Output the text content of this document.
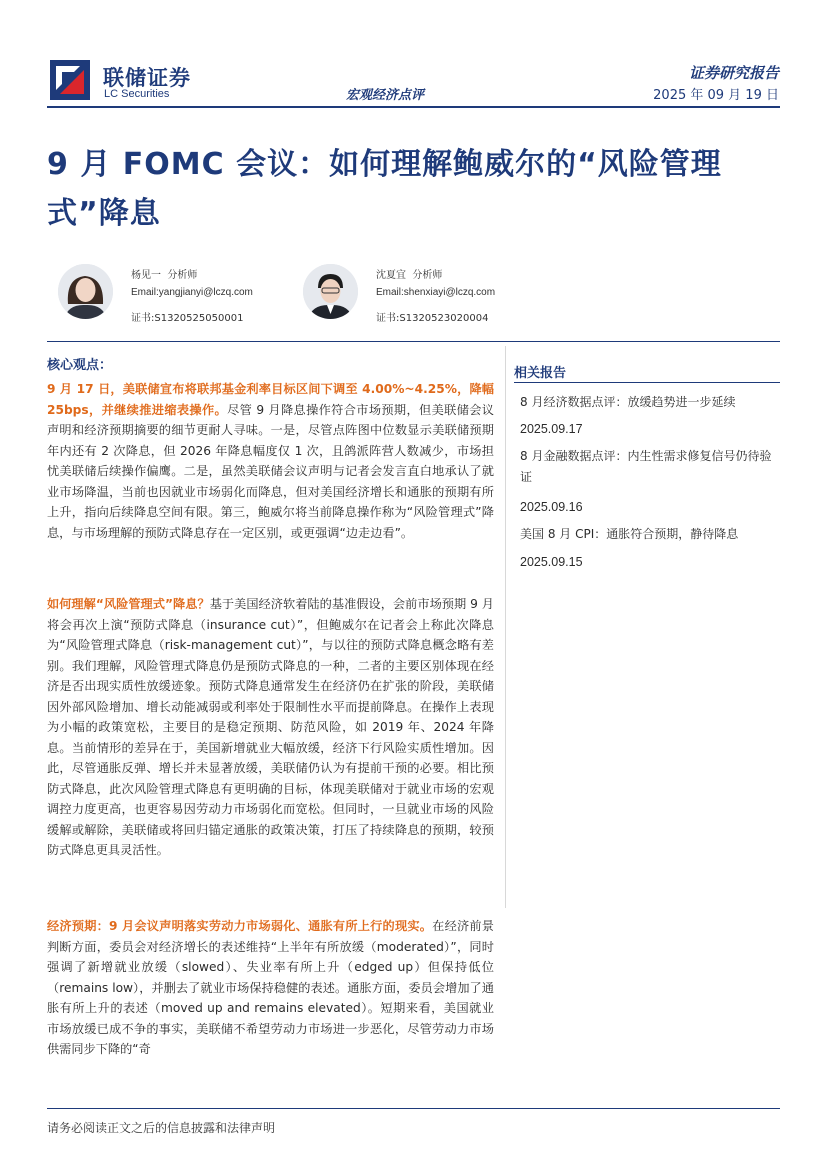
联储证券
LC Securities	宏观经济点评
证券研究报告
2025 年 09 月 19 日
9 月 FOMC 会议：如何理解鲍威尔的“风险管理式”降息
杨见一 分析师
Email:yangjianyi@lczq.com
证书:S1320525050001
沈夏宜 分析师
Email:shenxiayi@lczq.com
证书:S1320523020004
核心观点：
9 月 17 日，美联储宣布将联邦基金利率目标区间下调至 4.00%~4.25%，降幅 25bps，并继续推进缩表操作。尽管 9 月降息操作符合市场预期，但美联储会议声明和经济预期摘要的细节更耐人寻味。一是，尽管点阵图中位数显示美联储预期年内还有 2 次降息，但 2026 年降息幅度仅 1 次，且鸽派阵营人数减少，市场担忧美联储后续操作偏鹰。二是，虽然美联储会议声明与记者会发言直白地承认了就业市场降温，当前也因就业市场弱化而降息，但对美国经济增长和通胀的预期有所上升，指向后续降息空间有限。第三，鲍威尔将当前降息操作称为“风险管理式”降息，与市场理解的预防式降息存在一定区别，或更强调“边走边看”。
如何理解“风险管理式”降息？基于美国经济软着陆的基准假设，会前市场预期 9 月将会再次上演“预防式降息（insurance cut）”，但鲍威尔在记者会上称此次降息为“风险管理式降息（risk-management cut）”，与以往的预防式降息概念略有差别。我们理解，风险管理式降息仍是预防式降息的一种，二者的主要区别体现在经济是否出现实质性放缓迹象。预防式降息通常发生在经济仍在扩张的阶段，美联储因外部风险增加、增长动能减弱或利率处于限制性水平而提前降息。在操作上表现为小幅的政策宽松，主要目的是稳定预期、防范风险，如 2019 年、2024 年降息。当前情形的差异在于，美国新增就业大幅放缓，经济下行风险实质性增加。因此，尽管通胀反弹、增长并未显著放缓，美联储仍认为有提前干预的必要。相比预防式降息，此次风险管理式降息有更明确的目标，体现美联储对于就业市场的宏观调控力度更高，也更容易因劳动力市场弱化而宽松。但同时，一旦就业市场的风险缓解或解除，美联储或将回归锚定通胀的政策决策，打压了持续降息的预期，较预防式降息更具灵活性。
经济预期：9 月会议声明落实劳动力市场弱化、通胀有所上行的现实。在经济前景判断方面，委员会对经济增长的表述维持“上半年有所放缓（moderated）”，同时强调了新增就业放缓（slowed）、失业率有所上升（edged up）但保持低位（remains low），并删去了就业市场保持稳健的表述。通胀方面，委员会增加了通胀有所上升的表述（moved up and remains elevated）。短期来看，美国就业市场放缓已成不争的事实，美联储不希望劳动力市场进一步恶化，尽管劳动力市场供需同步下降的“奇
相关报告
8 月经济数据点评：放缓趋势进一步延续
2025.09.17
8 月金融数据点评：内生性需求修复信号仍待验证
2025.09.16
美国 8 月 CPI：通胀符合预期，静待降息
2025.09.15
请务必阅读正文之后的信息披露和法律声明
